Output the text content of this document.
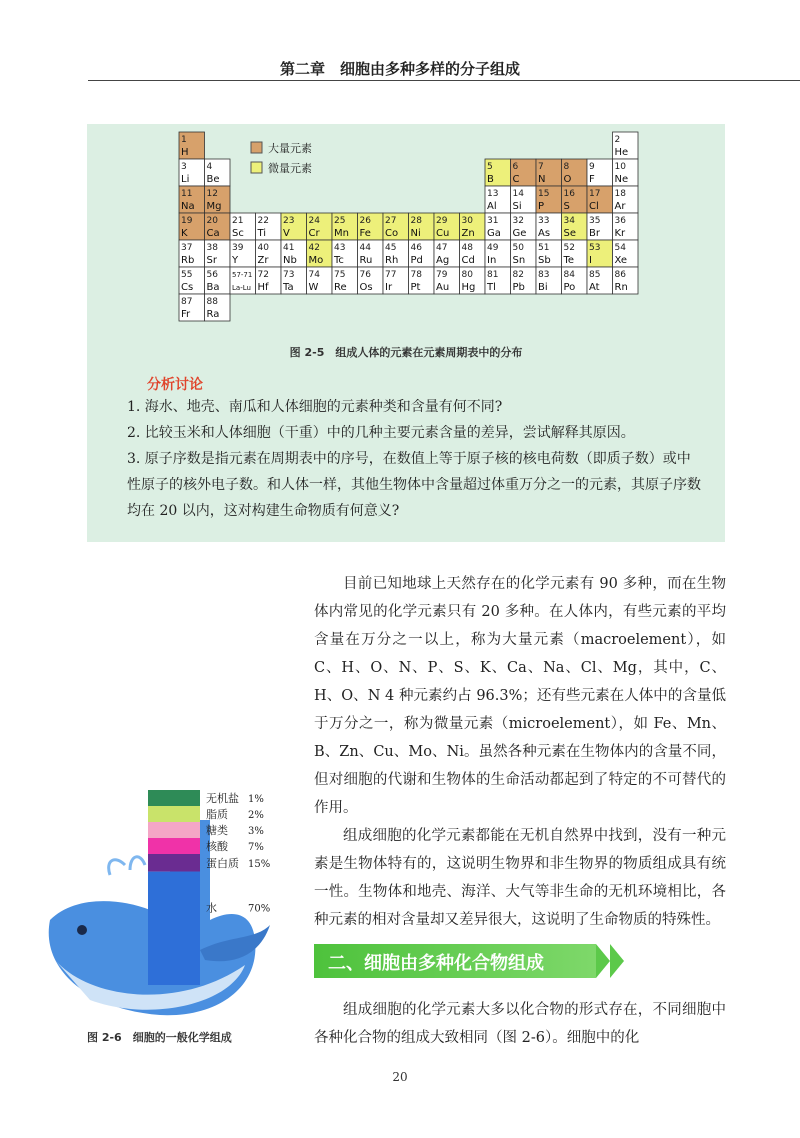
第二章　细胞由多种多样的分子组成
1
H
2
He
3
Li
4
Be
5
B
6
C
7
N
8
O
9
F
10
Ne
11
Na
12
Mg
13
Al
14
Si
15
P
16
S
17
Cl
18
Ar
19
K
20
Ca
21
Sc
22
Ti
23
V
24
Cr
25
Mn
26
Fe
27
Co
28
Ni
29
Cu
30
Zn
31
Ga
32
Ge
33
As
34
Se
35
Br
36
Kr
37
Rb
38
Sr
39
Y
40
Zr
41
Nb
42
Mo
43
Tc
44
Ru
45
Rh
46
Pd
47
Ag
48
Cd
49
In
50
Sn
51
Sb
52
Te
53
I
54
Xe
55
Cs
56
Ba
57-71
La-Lu
72
Hf
73
Ta
74
W
75
Re
76
Os
77
Ir
78
Pt
79
Au
80
Hg
81
Tl
82
Pb
83
Bi
84
Po
85
At
86
Rn
87
Fr
88
Ra
大量元素
微量元素
图 2-5　组成人体的元素在元素周期表中的分布
分析讨论
1. 海水、地壳、南瓜和人体细胞的元素种类和含量有何不同?
2. 比较玉米和人体细胞（干重）中的几种主要元素含量的差异，尝试解释其原因。
3. 原子序数是指元素在周期表中的序号，在数值上等于原子核的核电荷数（即质子数）或中性原子的核外电子数。和人体一样，其他生物体中含量超过体重万分之一的元素，其原子序数均在 20 以内，这对构建生命物质有何意义?

目前已知地球上天然存在的化学元素有 90 多种，而在生物体内常见的化学元素只有 20 多种。在人体内，有些元素的平均含量在万分之一以上，称为大量元素（macroelement），如 C、H、O、N、P、S、K、Ca、Na、Cl、Mg，其中，C、H、O、N 4 种元素约占 96.3%；还有些元素在人体中的含量低于万分之一，称为微量元素（microelement），如 Fe、Mn、B、Zn、Cu、Mo、Ni。虽然各种元素在生物体内的含量不同，但对细胞的代谢和生物体的生命活动都起到了特定的不可替代的作用。

组成细胞的化学元素都能在无机自然界中找到，没有一种元素是生物体特有的，这说明生物界和非生物界的物质组成具有统一性。生物体和地壳、海洋、大气等非生命的无机环境相比，各种元素的相对含量却又差异很大，这说明了生命物质的特殊性。

二、细胞由多种化合物组成

组成细胞的化学元素大多以化合物的形式存在，不同细胞中各种化合物的组成大致相同（图 2-6）。细胞中的化

无机盐 1%
脂质 2%
糖类 3%
核酸 7%
蛋白质 15%
水	70%
图 2-6　细胞的一般化学组成
20
